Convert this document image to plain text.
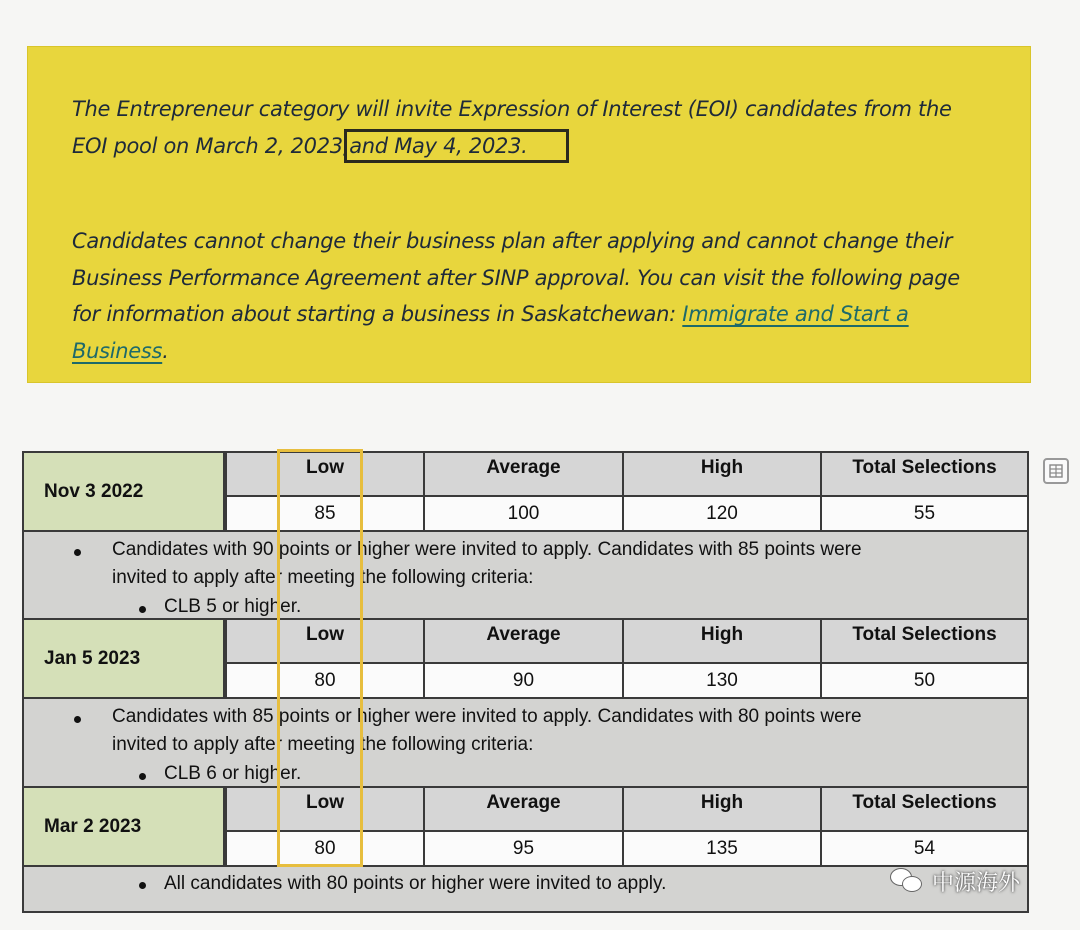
The Entrepreneur category will invite Expression of Interest (EOI) candidates from the EOI pool on March 2, 2023,and May 4, 2023.

Candidates cannot change their business plan after applying and cannot change their Business Performance Agreement after SINP approval. You can visit the following page for information about starting a business in Saskatchewan: Immigrate and Start a Business.

Nov 3 2022
Low	Average	High	Total Selections
85	100	120	55
Candidates with 90 points or higher were invited to apply. Candidates with 85 points were
invited to apply after meeting the following criteria:
CLB 5 or higher.
Jan 5 2023
Low	Average	High	Total Selections
80	90	130	50
Candidates with 85 points or higher were invited to apply. Candidates with 80 points were
invited to apply after meeting the following criteria:
CLB 6 or higher.
Mar 2 2023
Low	Average	High	Total Selections
80	95	135	54
All candidates with 80 points or higher were invited to apply.	中源海外
